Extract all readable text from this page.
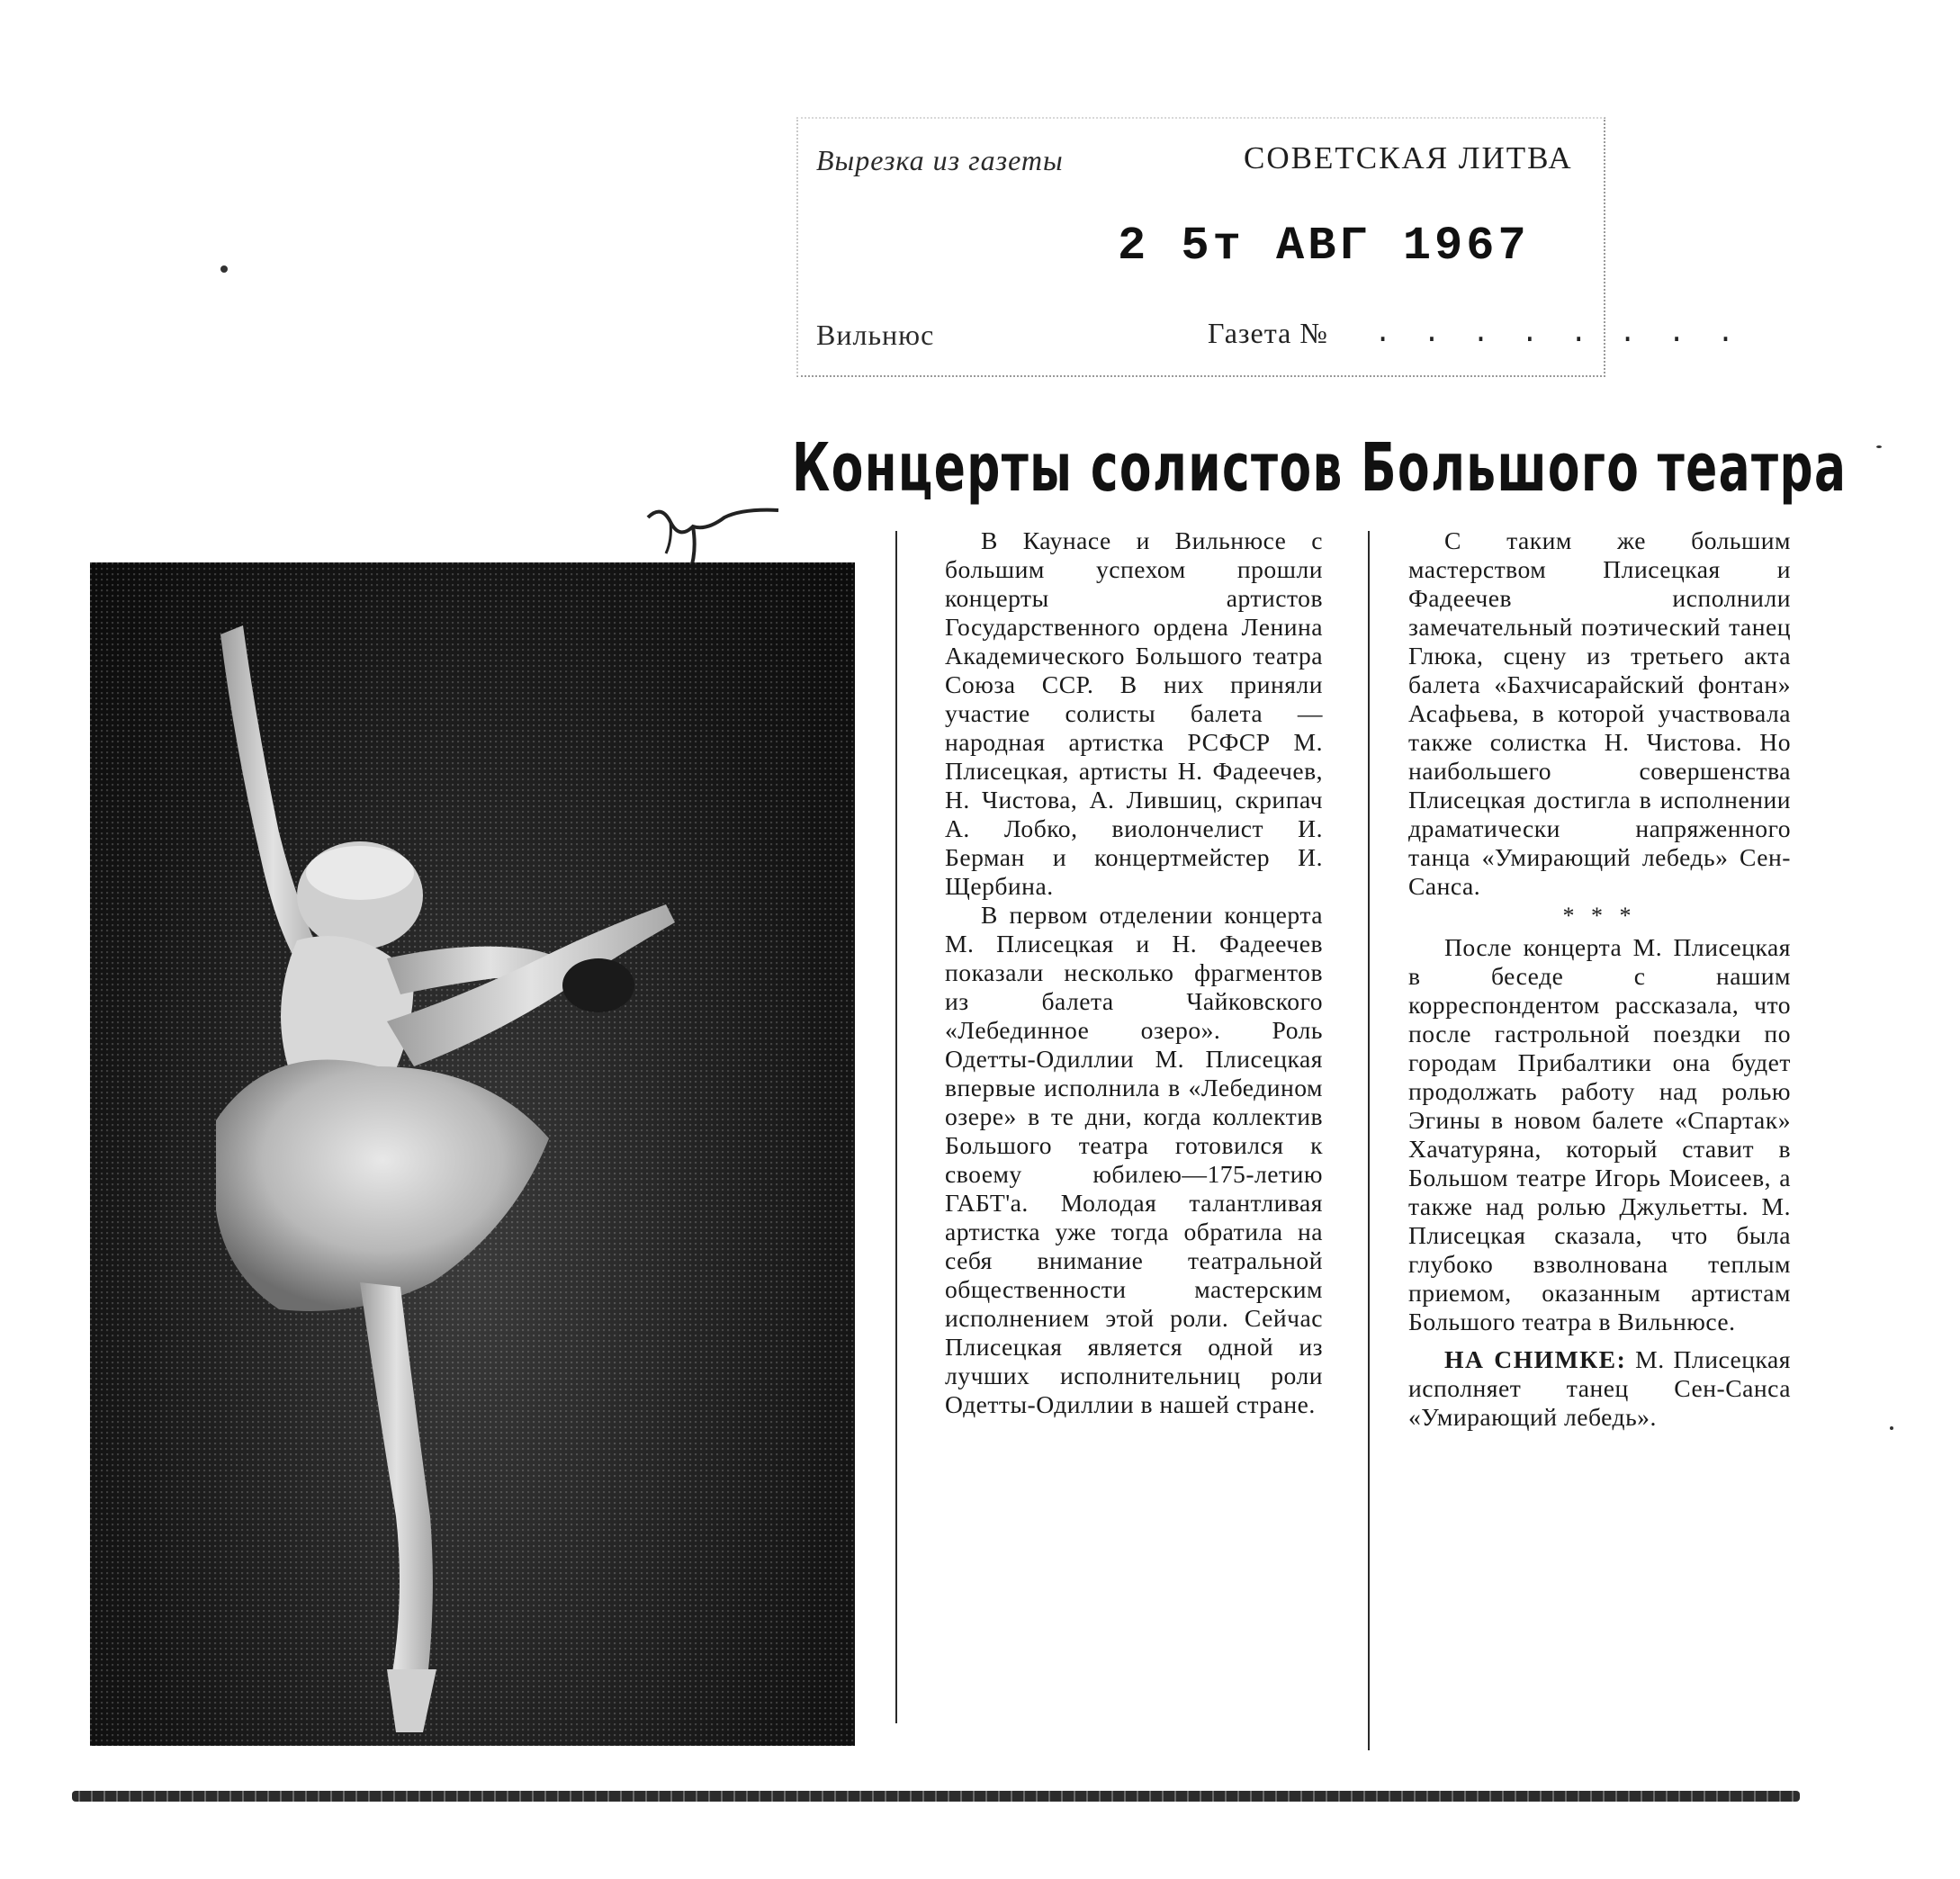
Вырезка из газеты	СОВЕТСКАЯ ЛИТВА
2 5т АВГ 1967
Вильнюс	Газета № . . . . . . . .
Концерты солистов Большого театра

В Каунасе и Вильнюсе с большим успехом прошли концерты артистов Государственного ордена Ленина Академического Большого театра Союза ССР. В них приняли участие солисты балета — народная артистка РСФСР М. Плисецкая, артисты Н. Фадеечев, Н. Чистова, А. Лившиц, скрипач А. Лобко, виолончелист И. Берман и концертмейстер И. Щербина.

В первом отделении концерта М. Плисецкая и Н. Фадеечев показали несколько фрагментов из балета Чайковского «Лебединное озеро». Роль Одетты-Одиллии М. Плисецкая впервые исполнила в «Лебедином озере» в те дни, когда коллектив Большого театра готовился к своему юбилею—175-летию ГАБТ'а. Молодая талантливая артистка уже тогда обратила на себя внимание театральной общественности мастерским исполнением этой роли. Сейчас Плисецкая является одной из лучших исполнительниц роли Одетты-Одиллии в нашей стране.

С таким же большим мастерством Плисецкая и Фадеечев исполнили замечательный поэтический танец Глюка, сцену из третьего акта балета «Бахчисарайский фонтан» Асафьева, в которой участвовала также солистка Н. Чистова. Но наибольшего совершенства Плисецкая достигла в исполнении драматически напряженного танца «Умирающий лебедь» Сен-Санса.

* * *

После концерта М. Плисецкая в беседе с нашим корреспондентом рассказала, что после гастрольной поездки по городам Прибалтики она будет продолжать работу над ролью Эгины в новом балете «Спартак» Хачатуряна, который ставит в Большом театре Игорь Моисеев, а также над ролью Джульетты. М. Плисецкая сказала, что была глубоко взволнована теплым приемом, оказанным артистам Большого театра в Вильнюсе.

НА СНИМКЕ: М. Плисецкая исполняет танец Сен-Санса «Умирающий лебедь».
